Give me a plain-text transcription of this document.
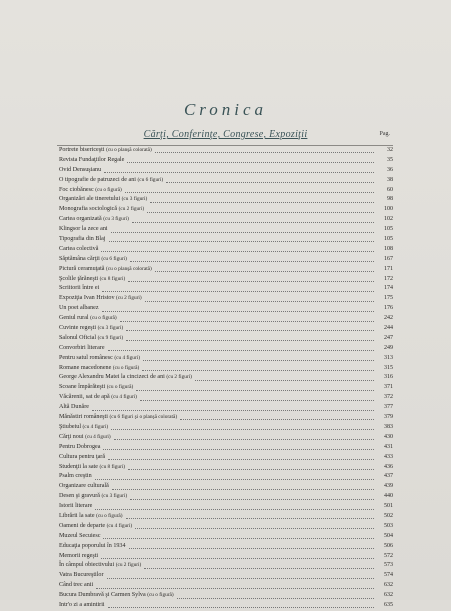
Cronica
Cărţi, Conferinţe, Congrese, Expoziţii	Pag.
Portrete bisericeşti (cu o planşă colorată)	32
Revista Fundaţiilor Regale	35
Ovid Densuşianu	36
O tipografie de patruzeci de ani (cu 6 figuri)	38
Foc ciobănesc (cu o figură)	60
Organizări ale tineretului (cu 3 figuri)	98
Monografia sociologică (cu 2 figuri)	100
Cartea organizată (cu 3 figuri)	102
Klingsor la zece ani	105
Tipografia din Blaj	105
Cartea colectivă	108
Săptămâna cărţii (cu 6 figuri)	167
Pictură ceramuţată (cu o planşă colorată)	171
Şcolile ţărăneşti (cu 8 figuri)	172
Scriitorii între ei	174
Expoziţia Ivan Hristov (cu 2 figuri)	175
Un poet albanez	176
Geniul rural (cu o figură)	242
Cuvinte regeşti (cu 3 figuri)	244
Salonul Oficial (cu 9 figuri)	247
Convorbiri literare	249
Pentru satul românesc (cu 4 figuri)	313
Romane macedonene (cu o figură)	315
George Alexandru Matei la cincizeci de ani (cu 2 figuri)	316
Scoane împărăteşti (cu o figură)	371
Văcărenii, sat de apă (cu 4 figuri)	372
Altă Dunăre	377
Mănăstiri româneşti (cu 6 figuri şi o planşă colorată)	379
Ştiubeiul (cu 4 figuri)	383
Cărţi noui (cu 4 figuri)	430
Pentru Dobrogea	431
Cultura pentru ţară	433
Studenţii la sate (cu 8 figuri)	436
Psalm creştin	437
Organizare culturală	439
Desen şi gravură (cu 3 figuri)	440
Istorii literare	501
Librării la sate (cu o figură)	502
Oameni de departe (cu 4 figuri)	503
Muzeul Secuiesc	504
Educaţia poporului în 1934	506
Memorii regeşti	572
În câmpul obiectivului (cu 2 figuri)	573
Vatra Bucureştilor	574
Când trec anii	632
Bucura Dumbravă şi Carmen Sylva (cu o figură)	632
Intr'o zi a amintirii	635
